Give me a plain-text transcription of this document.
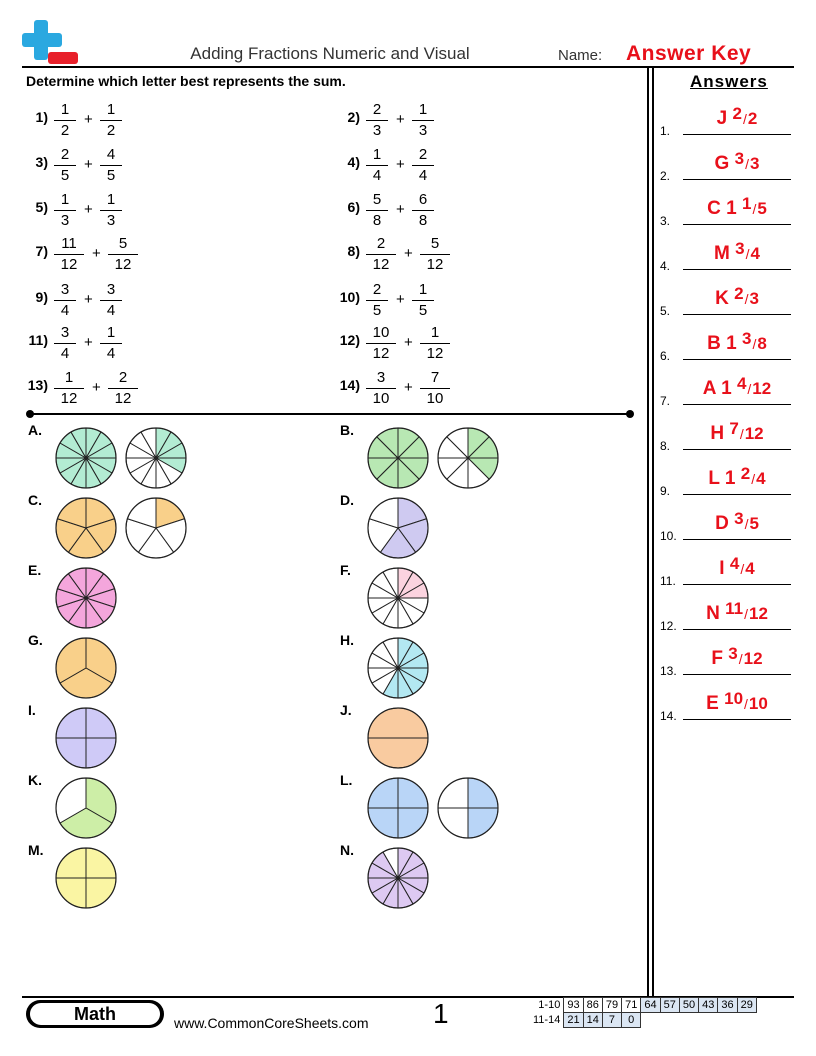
Adding Fractions Numeric and Visual	Name: Answer Key
Determine which letter best represents the sum.	Answers
1) 1
2
+
1
2
2) 2
3
+
1
3
3) 2
5
+
4
5
4) 1
4
+
2
4
5) 1
3
+
1
3
6) 5
8
+
6
8
7) 11
12
+
5
12
8)	2
12
+
5
12
9) 3
4
+
3
4
10) 2
5
+
1
5
11) 3
4
+
1
4
12) 10
12
+
1
12
13)	1
12
+
2
12
14)	3
10
+
7
10
A.	B.
C.	D.
E.	F.
G.	H.
I.	J.
K.	L.
M.	N.
1.
J $^2$/2
2.
G $^3$/3
3.
C 1 $^1$/5
4.
M $^3$/4
5.
K $^2$/3
6.
B 1 $^3$/8
7.
A 1 $^4$/12
8.
H $^7$/12
9.
L 1 $^2$/4
10.
D $^3$/5
11.
I $^4$/4
12.
N $^{11}$/12
13.
F $^3$/12
14.
E $^{10}$/10
Math	www.CommonCoreSheets.com 1	1-10	93	86	79	71	64	57	50	43	36	29
11-14	21	14	7	0						
